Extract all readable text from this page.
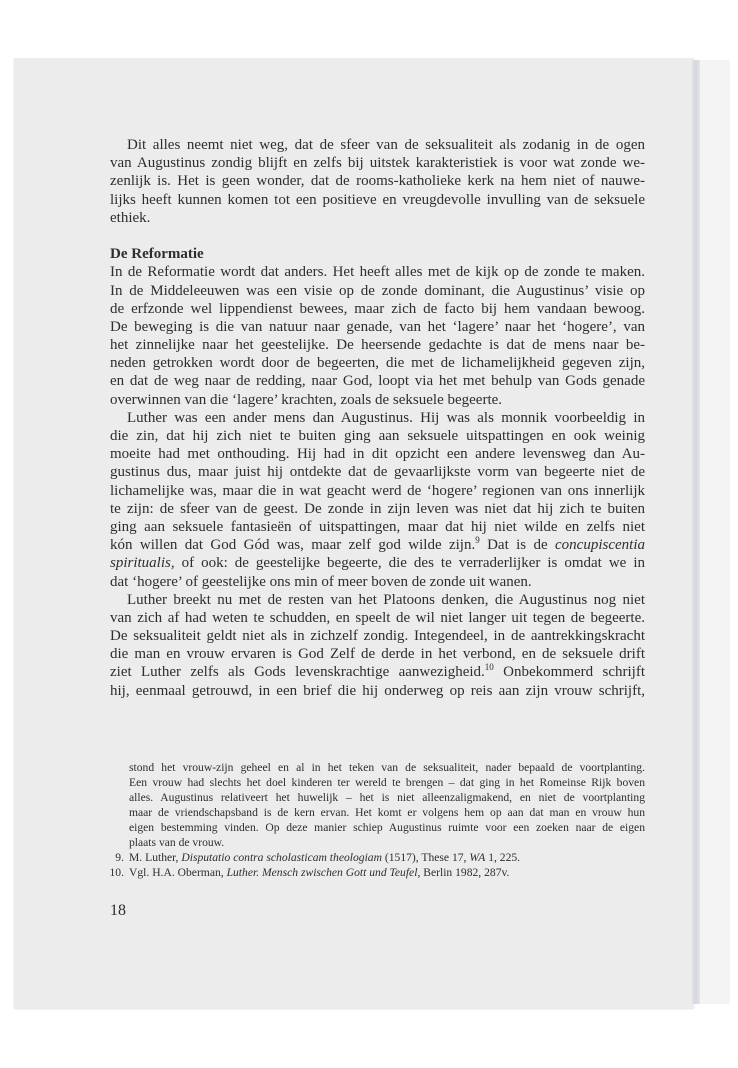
Dit alles neemt niet weg, dat de sfeer van de seksualiteit als zodanig in de ogen
van Augustinus zondig blijft en zelfs bij uitstek karakteristiek is voor wat zonde we-
zenlijk is. Het is geen wonder, dat de rooms-katholieke kerk na hem niet of nauwe-
lijks heeft kunnen komen tot een positieve en vreugdevolle invulling van de seksuele
ethiek.
De Reformatie
In de Reformatie wordt dat anders. Het heeft alles met de kijk op de zonde te maken.
In de Middeleeuwen was een visie op de zonde dominant, die Augustinus’ visie op
de erfzonde wel lippendienst bewees, maar zich de facto bij hem vandaan bewoog.
De beweging is die van natuur naar genade, van het ‘lagere’ naar het ‘hogere’, van
het zinnelijke naar het geestelijke. De heersende gedachte is dat de mens naar be-
neden getrokken wordt door de begeerten, die met de lichamelijkheid gegeven zijn,
en dat de weg naar de redding, naar God, loopt via het met behulp van Gods genade
overwinnen van die ‘lagere’ krachten, zoals de seksuele begeerte.
Luther was een ander mens dan Augustinus. Hij was als monnik voorbeeldig in
die zin, dat hij zich niet te buiten ging aan seksuele uitspattingen en ook weinig
moeite had met onthouding. Hij had in dit opzicht een andere levensweg dan Au-
gustinus dus, maar juist hij ontdekte dat de gevaarlijkste vorm van begeerte niet de
lichamelijke was, maar die in wat geacht werd de ‘hogere’ regionen van ons innerlijk
te zijn: de sfeer van de geest. De zonde in zijn leven was niet dat hij zich te buiten
ging aan seksuele fantasieën of uitspattingen, maar dat hij niet wilde en zelfs niet
kón willen dat God Gód was, maar zelf god wilde zijn.$^9$ Dat is de concupiscentia
spiritualis, of ook: de geestelijke begeerte, die des te verraderlijker is omdat we in
dat ‘hogere’ of geestelijke ons min of meer boven de zonde uit wanen.
Luther breekt nu met de resten van het Platoons denken, die Augustinus nog niet
van zich af had weten te schudden, en speelt de wil niet langer uit tegen de begeerte.
De seksualiteit geldt niet als in zichzelf zondig. Integendeel, in de aantrekkingskracht
die man en vrouw ervaren is God Zelf de derde in het verbond, en de seksuele drift
ziet Luther zelfs als Gods levenskrachtige aanwezigheid.$^{10}$ Onbekommerd schrijft
hij, eenmaal getrouwd, in een brief die hij onderweg op reis aan zijn vrouw schrijft,
stond het vrouw-zijn geheel en al in het teken van de seksualiteit, nader bepaald de voortplanting.
Een vrouw had slechts het doel kinderen ter wereld te brengen – dat ging in het Romeinse Rijk boven
alles. Augustinus relativeert het huwelijk – het is niet alleenzaligmakend, en niet de voortplanting
maar de vriendschapsband is de kern ervan. Het komt er volgens hem op aan dat man en vrouw hun
eigen bestemming vinden. Op deze manier schiep Augustinus ruimte voor een zoeken naar de eigen
plaats van de vrouw.
9. M. Luther, Disputatio contra scholasticam theologiam (1517), These 17, WA 1, 225.
10. Vgl. H.A. Oberman, Luther. Mensch zwischen Gott und Teufel, Berlin 1982, 287v.
18
